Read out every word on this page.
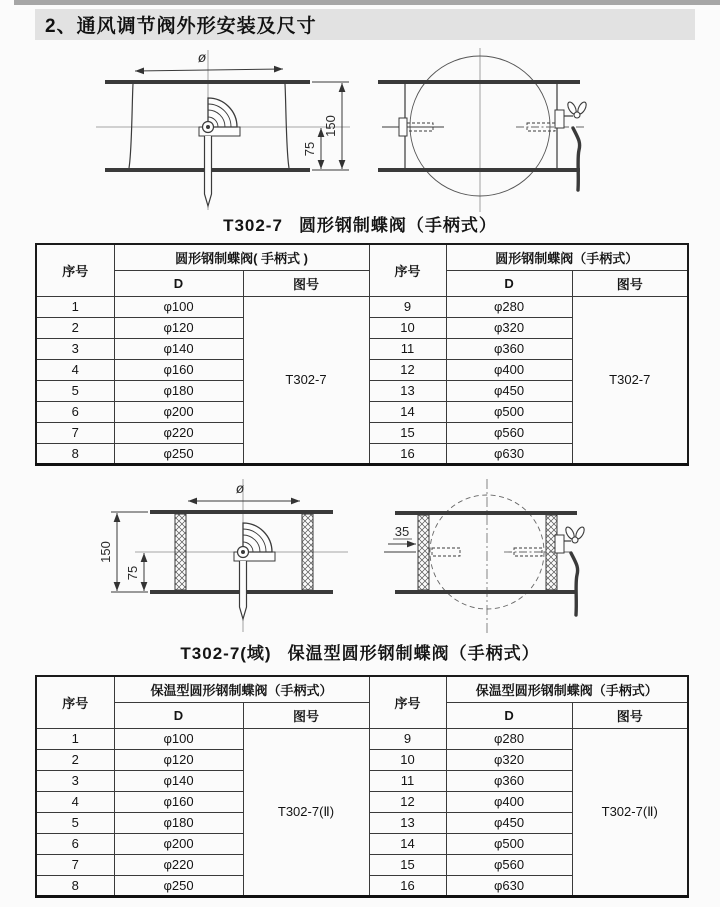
2、通风调节阀外形安装及尺寸
ø
150
75
T302-7 圆形钢制蝶阀（手柄式）
序号	圆形钢制蝶阀( 手柄式 )		序号	圆形钢制蝶阀（手柄式）	
	D	图号		D	图号
1	φ100	T302-7	9	φ280	T302-7
2	φ120		10	φ320	
3	φ140		11	φ360	
4	φ160		12	φ400	
5	φ180		13	φ450	
6	φ200		14	φ500	
7	φ220		15	φ560	
8	φ250		16	φ630	
ø
150
75
35
T302-7(域) 保温型圆形钢制蝶阀（手柄式）
序号	保温型圆形钢制蝶阀（手柄式）		序号	保温型圆形钢制蝶阀（手柄式）	
	D	图号		D	图号
1	φ100	T302-7(Ⅱ)	9	φ280	T302-7(Ⅱ)
2	φ120		10	φ320	
3	φ140		11	φ360	
4	φ160		12	φ400	
5	φ180		13	φ450	
6	φ200		14	φ500	
7	φ220		15	φ560	
8	φ250		16	φ630	
